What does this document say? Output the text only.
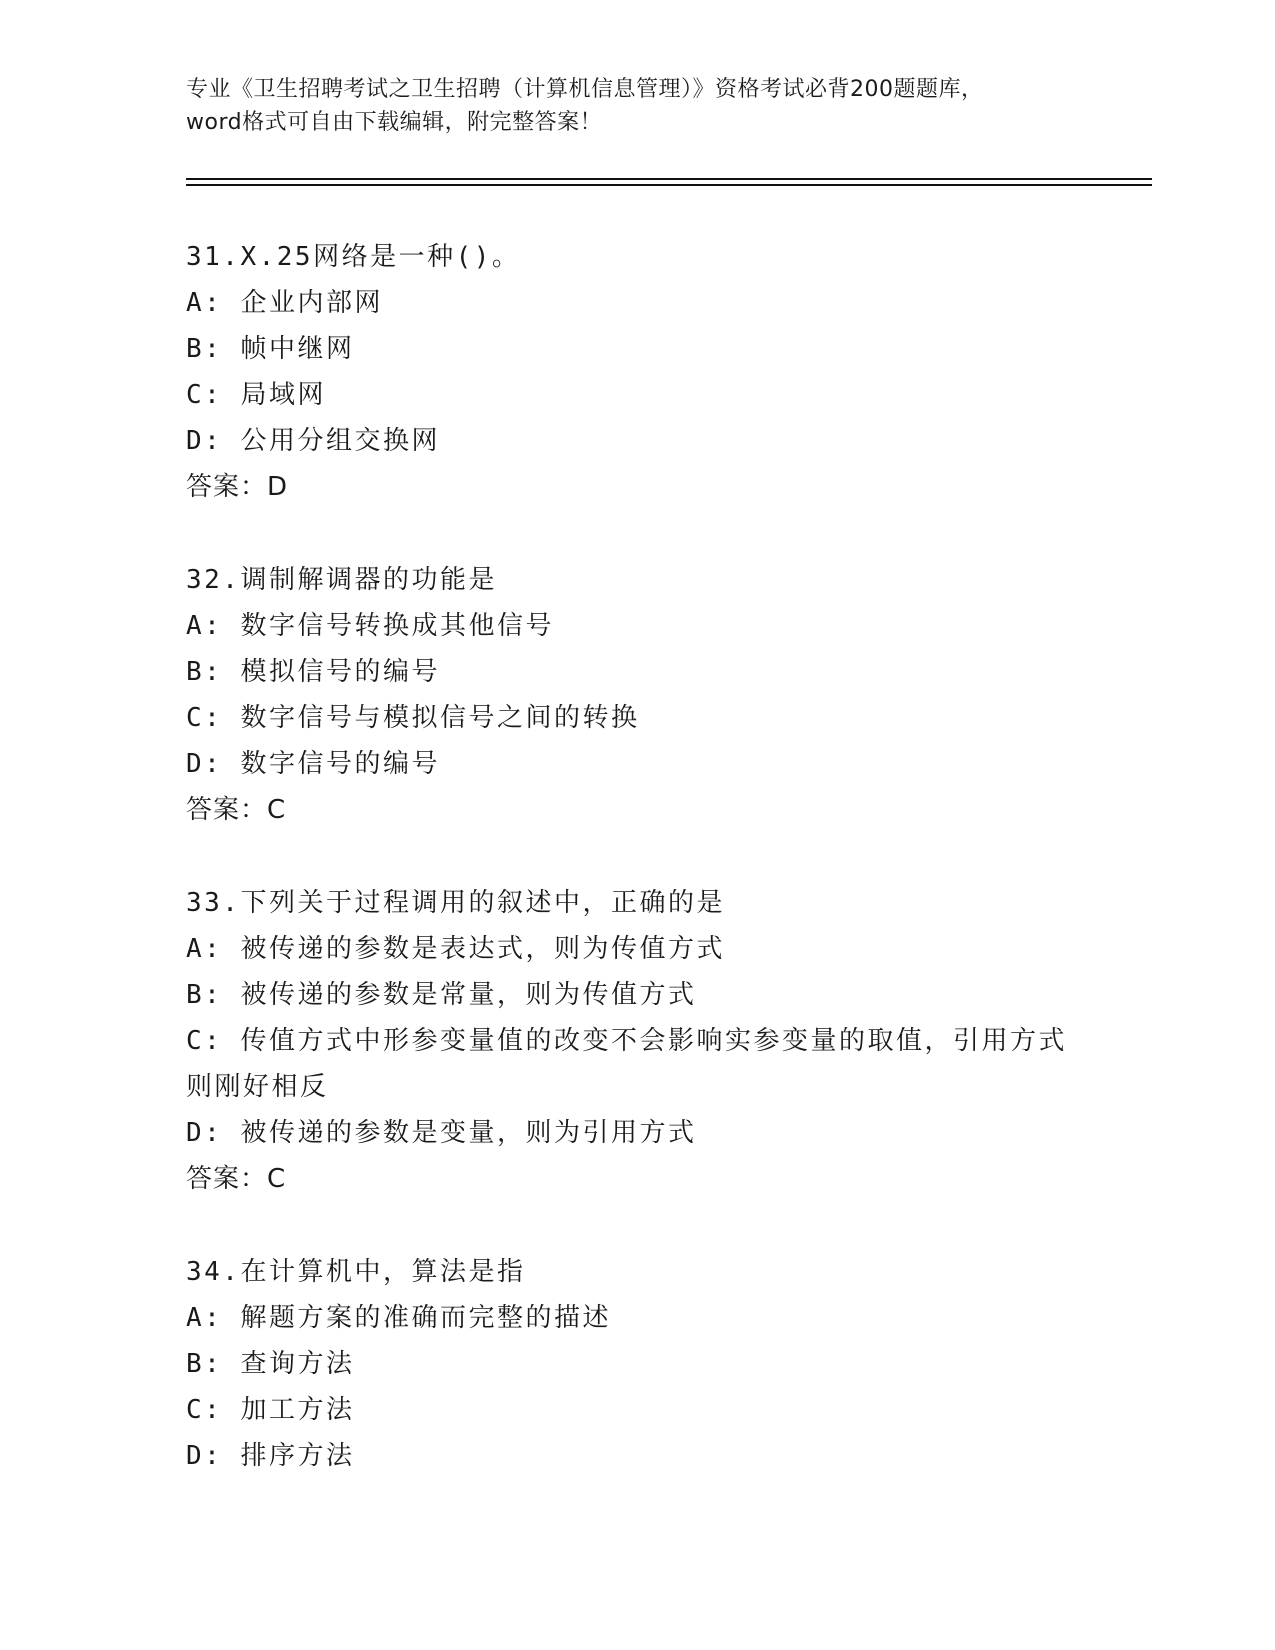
专业《卫生招聘考试之卫生招聘（计算机信息管理）》资格考试必背200题题库，

word格式可自由下载编辑，附完整答案！

31.X.25网络是一种()。

A: 企业内部网

B: 帧中继网

C: 局域网

D: 公用分组交换网

答案：D

32.调制解调器的功能是

A: 数字信号转换成其他信号

B: 模拟信号的编号

C: 数字信号与模拟信号之间的转换

D: 数字信号的编号

答案：C

33.下列关于过程调用的叙述中，正确的是

A: 被传递的参数是表达式，则为传值方式

B: 被传递的参数是常量，则为传值方式

C: 传值方式中形参变量值的改变不会影响实参变量的取值，引用方式

则刚好相反

D: 被传递的参数是变量，则为引用方式

答案：C

34.在计算机中，算法是指

A: 解题方案的准确而完整的描述

B: 查询方法

C: 加工方法

D: 排序方法
